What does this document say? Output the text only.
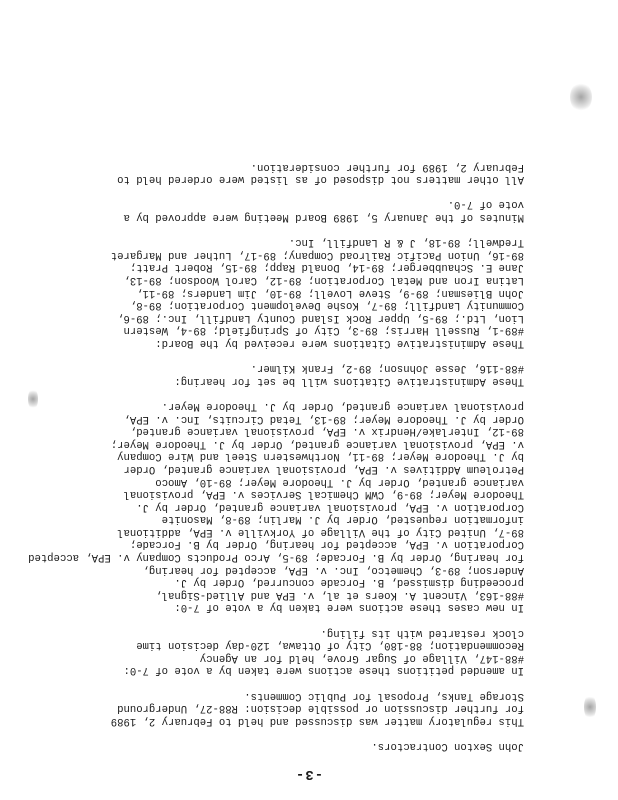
-3-
John Sexton Contractors.
This regulatory matter was discussed and held to February 2, 1989
for further discussion or possible decision: R88-27, Underground
Storage Tanks, Proposal for Public Comments.
In amended petitions these actions were taken by a vote of 7-0:
#88-147, Village of Sugar Grove, held for an Agency
Recommendation; 88-180, City of Ottawa, 120-day decision time
clock restarted with its filing.
In new cases these actions were taken by a vote of 7-0:
#88-163, Vincent A. Koers et al, v. EPA and Allied-Signal,
proceeding dismissed, B. Forcade concurred, Order by J.
Anderson; 89-3, Chemetco, Inc. v. EPA, accepted for hearing,
for hearing, Order by B. Forcade; 89-5, Arco Products Company v. EPA, accepted
Corporation v. EPA, accepted for hearing, Order by B. Forcade;
89-7, United City of the Village of Yorkville v. EPA, additional
information requested, Order by J. Marlin; 89-8, Masonite
Corporation v. EPA, provisional variance granted, Order by J.
Theodore Meyer; 89-9, CWM Chemical Services v. EPA, provisional
variance granted, Order by J. Theodore Meyer; 89-10, Amoco
Petroleum Additives v. EPA, provisional variance granted, Order
by J. Theodore Meyer; 89-11, Northwestern Steel and Wire Company
v. EPA, provisional variance granted, Order by J. Theodore Meyer;
89-12, Interlake/Hendrix v. EPA, provisional variance granted,
Order by J. Theodore Meyer; 89-13, Tetad Circuits, Inc. v. EPA,
provisional variance granted, Order by J. Theodore Meyer.
These Administrative Citations will be set for hearing:
#88-116, Jesse Johnson; 89-2, Frank Kilmer.
These Administrative Citations were received by the Board:
#89-1, Russell Harris; 89-3, City of Springfield; 89-4, Western
Lion, Ltd.; 89-5, Upper Rock Island County Landfill, Inc.; 89-6,
Community Landfill; 89-7, Koshe Development Corporation; 89-8,
John Bliesman; 89-9, Steve Lovell; 89-10, Jim Landers; 89-11,
Latina Iron and Metal Corporation; 89-12, Carol Woodson; 89-13,
Jane E. Schaubberger; 89-14, Donald Rapp; 89-15, Robert Pratt;
89-16, Union Pacific Railroad Company; 89-17, Luther and Margaret
Tredwell; 89-18, J & R Landfill, Inc.
Minutes of the January 5, 1989 Board Meeting were approved by a
vote of 7-0.
All other matters not disposed of as listed were ordered held to
February 2, 1989 for further consideration.
